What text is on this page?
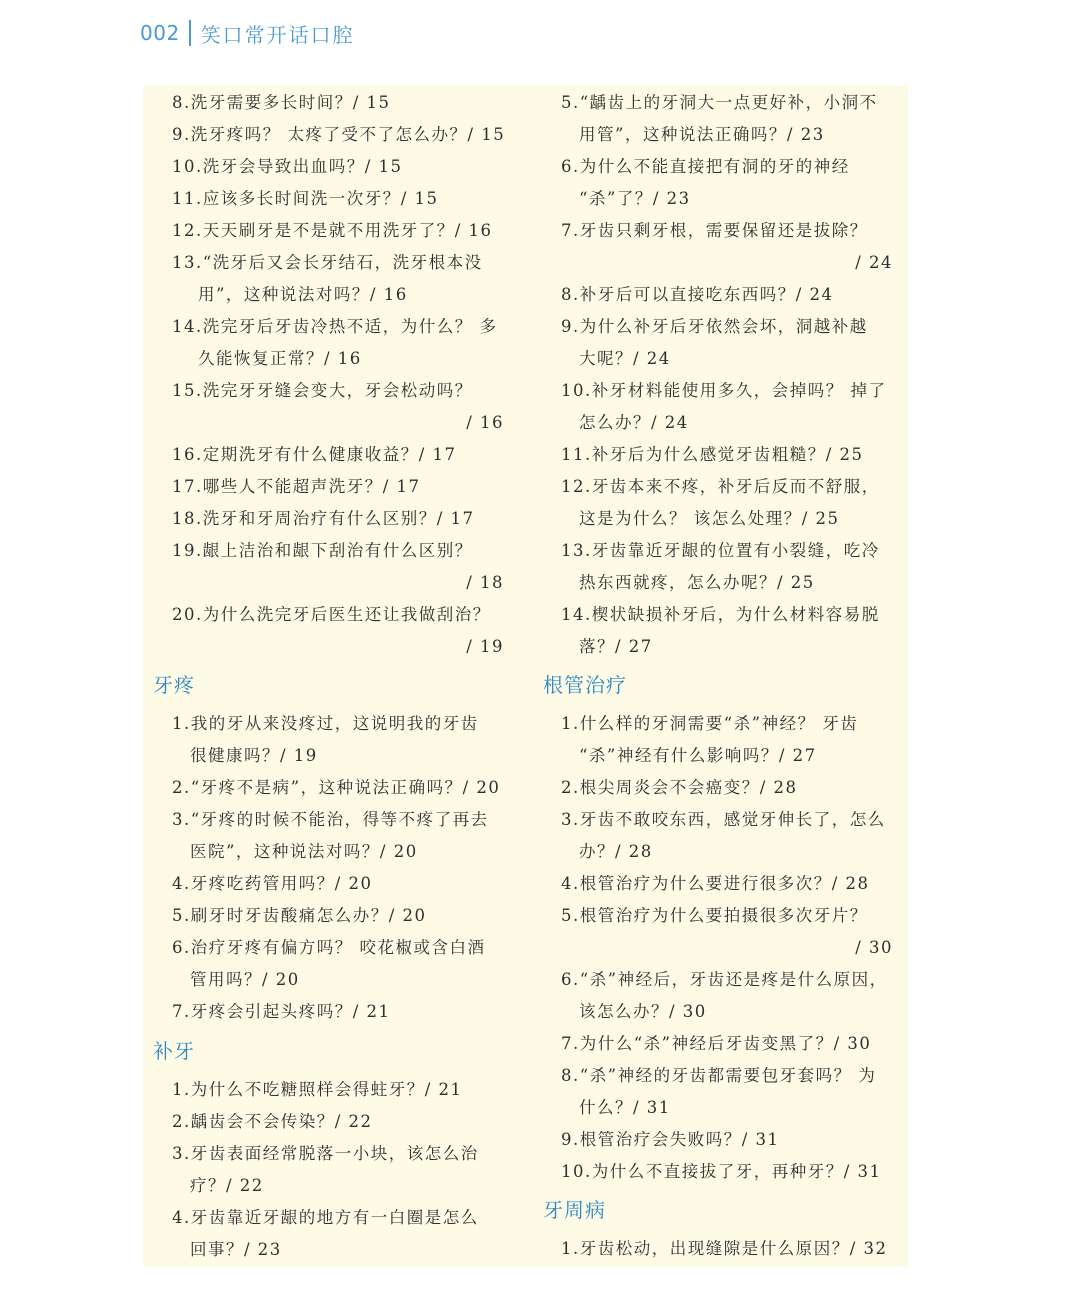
002 笑口常开话口腔
8.洗牙需要多长时间？/ 15
9.洗牙疼吗？ 太疼了受不了怎么办？/ 15
10.洗牙会导致出血吗？/ 15
11.应该多长时间洗一次牙？/ 15
12.天天刷牙是不是就不用洗牙了？/ 16
13.“洗牙后又会长牙结石，洗牙根本没
用”，这种说法对吗？/ 16
14.洗完牙后牙齿冷热不适，为什么？ 多
久能恢复正常？/ 16
15.洗完牙牙缝会变大，牙会松动吗？
/ 16
16.定期洗牙有什么健康收益？/ 17
17.哪些人不能超声洗牙？/ 17
18.洗牙和牙周治疗有什么区别？/ 17
19.龈上洁治和龈下刮治有什么区别？
/ 18
20.为什么洗完牙后医生还让我做刮治？
/ 19
牙疼
1.我的牙从来没疼过，这说明我的牙齿
很健康吗？/ 19
2.“牙疼不是病”，这种说法正确吗？/ 20
3.“牙疼的时候不能治，得等不疼了再去
医院”，这种说法对吗？/ 20
4.牙疼吃药管用吗？/ 20
5.刷牙时牙齿酸痛怎么办？/ 20
6.治疗牙疼有偏方吗？ 咬花椒或含白酒
管用吗？/ 20
7.牙疼会引起头疼吗？/ 21
补牙
1.为什么不吃糖照样会得蛀牙？/ 21
2.龋齿会不会传染？/ 22
3.牙齿表面经常脱落一小块，该怎么治
疗？/ 22
4.牙齿靠近牙龈的地方有一白圈是怎么
回事？/ 23
5.“龋齿上的牙洞大一点更好补，小洞不
用管”，这种说法正确吗？/ 23
6.为什么不能直接把有洞的牙的神经
“杀”了？/ 23
7.牙齿只剩牙根，需要保留还是拔除？
/ 24
8.补牙后可以直接吃东西吗？/ 24
9.为什么补牙后牙依然会坏，洞越补越
大呢？/ 24
10.补牙材料能使用多久，会掉吗？ 掉了
怎么办？/ 24
11.补牙后为什么感觉牙齿粗糙？/ 25
12.牙齿本来不疼，补牙后反而不舒服，
这是为什么？ 该怎么处理？/ 25
13.牙齿靠近牙龈的位置有小裂缝，吃冷
热东西就疼，怎么办呢？/ 25
14.楔状缺损补牙后，为什么材料容易脱
落？/ 27
根管治疗
1.什么样的牙洞需要“杀”神经？ 牙齿
“杀”神经有什么影响吗？/ 27
2.根尖周炎会不会癌变？/ 28
3.牙齿不敢咬东西，感觉牙伸长了，怎么
办？/ 28
4.根管治疗为什么要进行很多次？/ 28
5.根管治疗为什么要拍摄很多次牙片？
/ 30
6.“杀”神经后，牙齿还是疼是什么原因，
该怎么办？/ 30
7.为什么“杀”神经后牙齿变黑了？/ 30
8.“杀”神经的牙齿都需要包牙套吗？ 为
什么？/ 31
9.根管治疗会失败吗？/ 31
10.为什么不直接拔了牙，再种牙？/ 31
牙周病
1.牙齿松动，出现缝隙是什么原因？/ 32
